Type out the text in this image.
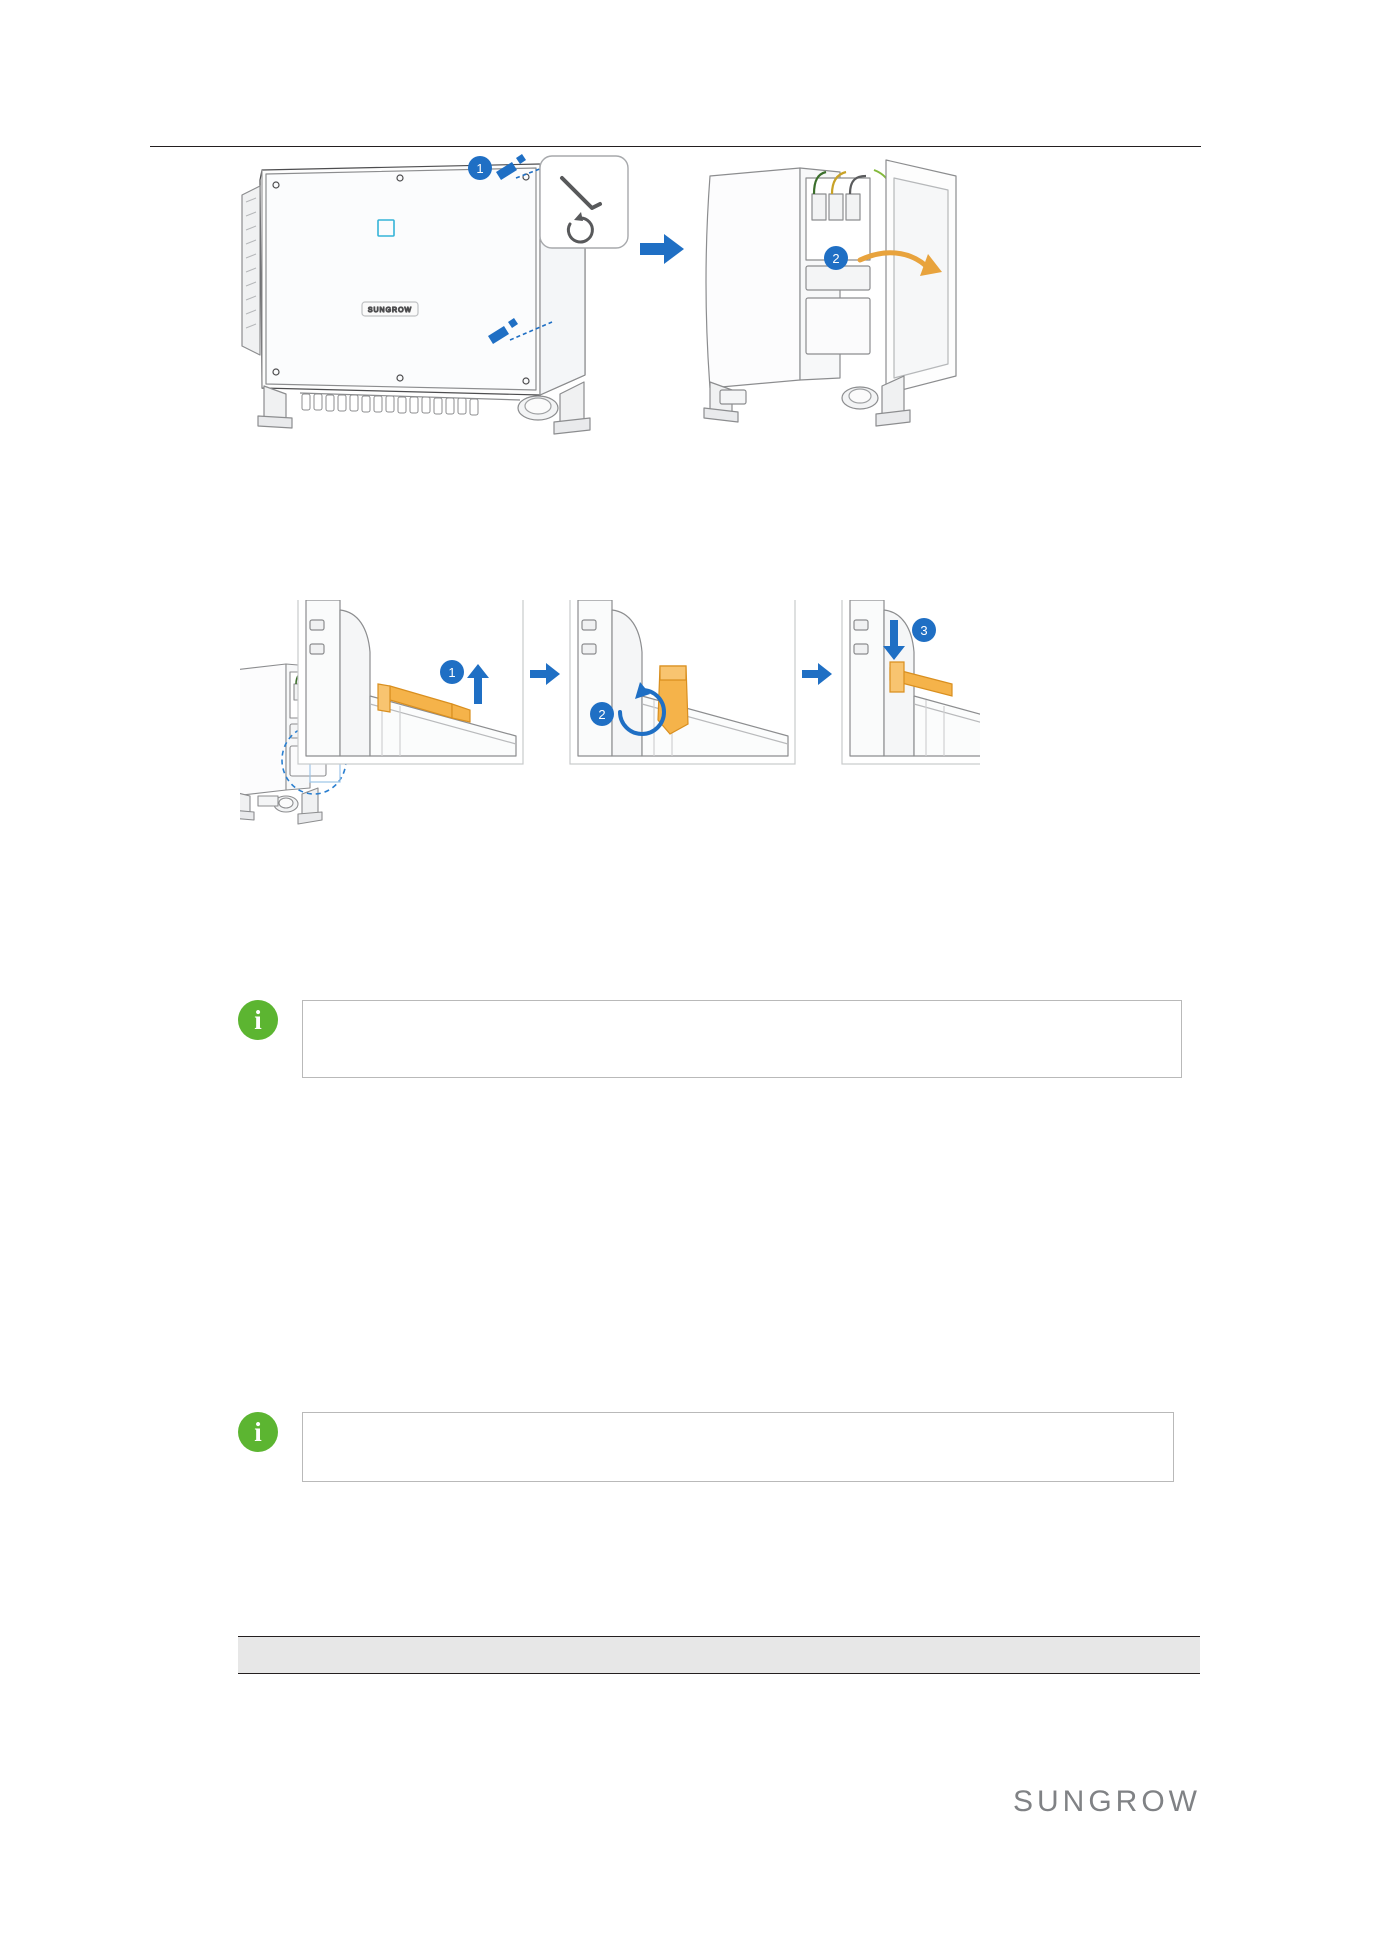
SUNGROW
1
2
1
2
3
i
i

SUNGROW
